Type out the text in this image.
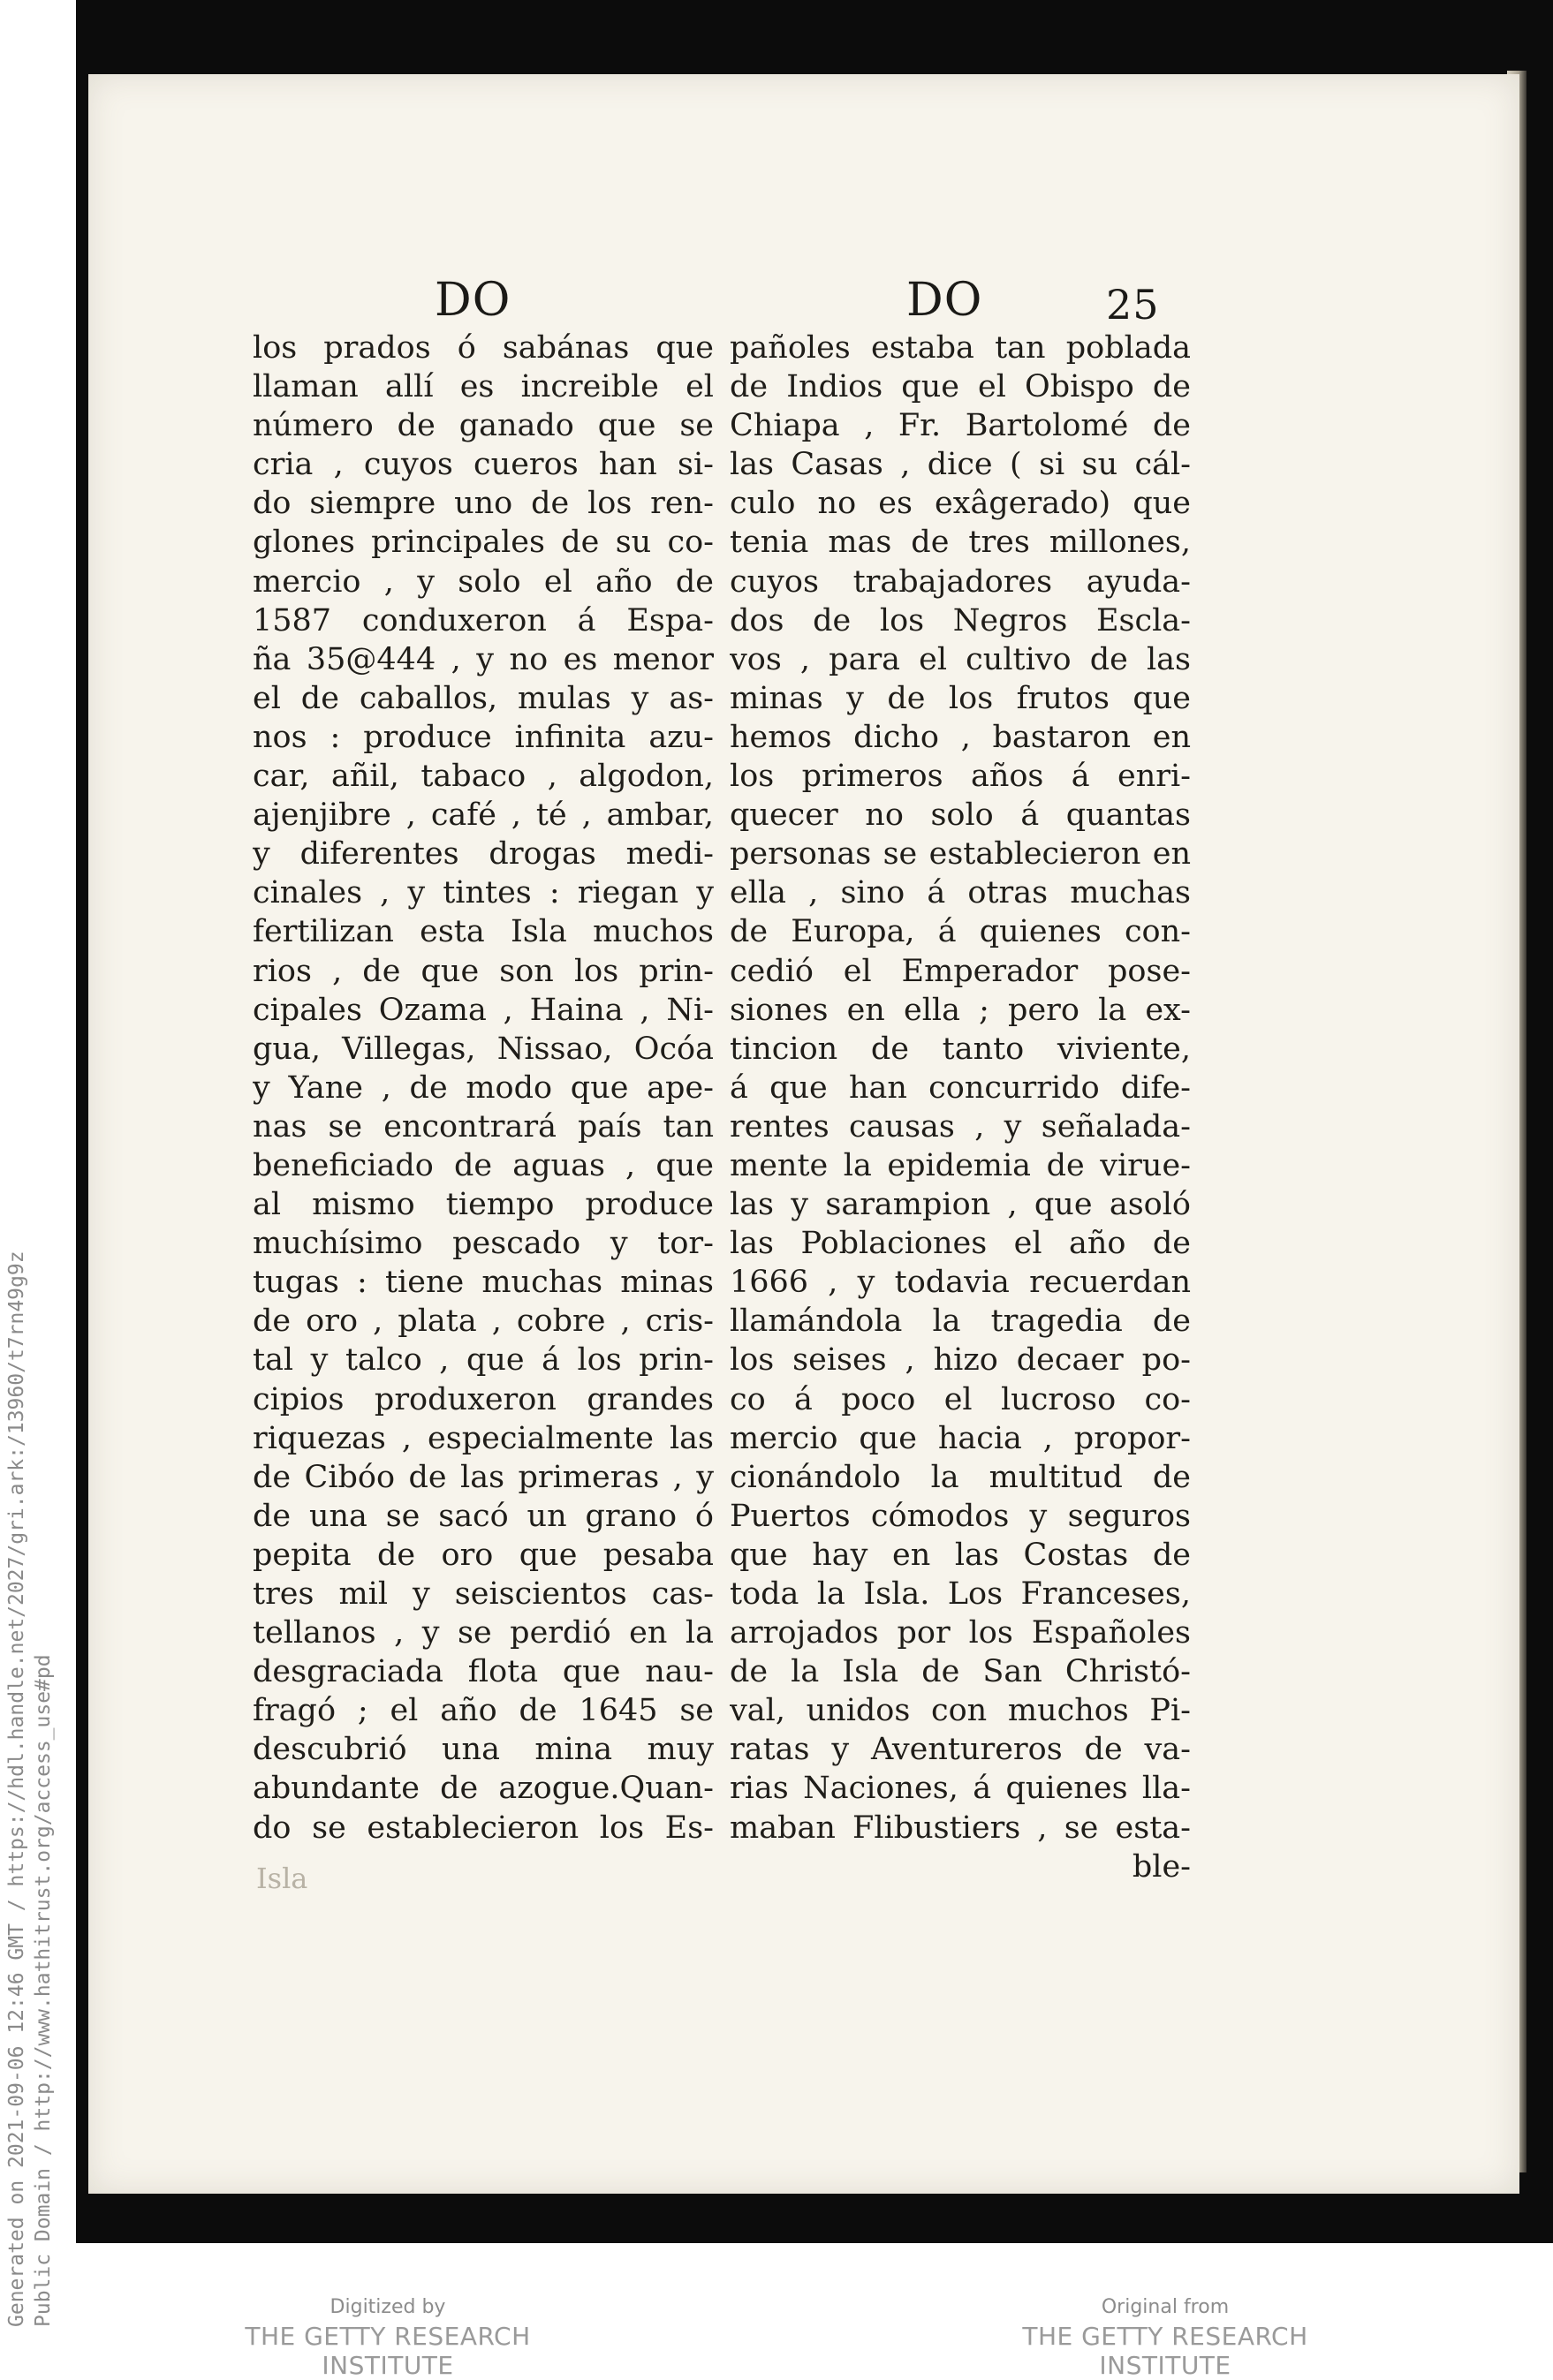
DO	DO	25
los prados ó sabánas que
llaman allí es increible el
número de ganado que se
cria , cuyos cueros han si-
do siempre uno de los ren-
glones principales de su co-
mercio , y solo el año de
1587 conduxeron á Espa-
ña 35@444 , y no es menor
el de caballos, mulas y as-
nos : produce infinita azu-
car, añil, tabaco , algodon,
ajenjibre , café , té , ambar,
y diferentes drogas medi-
cinales , y tintes : riegan y
fertilizan esta Isla muchos
rios , de que son los prin-
cipales Ozama , Haina , Ni-
gua, Villegas, Nissao, Ocóa
y Yane , de modo que ape-
nas se encontrará país tan
beneficiado de aguas , que
al mismo tiempo produce
muchísimo pescado y tor-
tugas : tiene muchas minas
de oro , plata , cobre , cris-
tal y talco , que á los prin-
cipios produxeron grandes
riquezas , especialmente las
de Cibóo de las primeras , y
de una se sacó un grano ó
pepita de oro que pesaba
tres mil y seiscientos cas-
tellanos , y se perdió en la
desgraciada flota que nau-
fragó ; el año de 1645 se
descubrió una mina muy
abundante de azogue.Quan-
do se establecieron los Es-
pañoles estaba tan poblada
de Indios que el Obispo de
Chiapa , Fr. Bartolomé de
las Casas , dice ( si su cál-
culo no es exâgerado) que
tenia mas de tres millones,
cuyos trabajadores ayuda-
dos de los Negros Escla-
vos , para el cultivo de las
minas y de los frutos que
hemos dicho , bastaron en
los primeros años á enri-
quecer no solo á quantas
personas se establecieron en
ella , sino á otras muchas
de Europa, á quienes con-
cedió el Emperador pose-
siones en ella ; pero la ex-
tincion de tanto viviente,
á que han concurrido dife-
rentes causas , y señalada-
mente la epidemia de virue-
las y sarampion , que asoló
las Poblaciones el año de
1666 , y todavia recuerdan
llamándola la tragedia de
los seises , hizo decaer po-
co á poco el lucroso co-
mercio que hacia , propor-
cionándolo la multitud de
Puertos cómodos y seguros
que hay en las Costas de
toda la Isla. Los Franceses,
arrojados por los Españoles
de la Isla de San Christó-
val, unidos con muchos Pi-
ratas y Aventureros de va-
rias Naciones, á quienes lla-
maban Flibustiers , se esta-
ble-
Isla
Generated on 2021-09-06 12:46 GMT / https://hdl.handle.net/2027/gri.ark:/13960/t7rn49g9z Public Domain / http://www.hathitrust.org/access_use#pd	Digitized by
THE GETTY RESEARCH INSTITUTE
Original from
THE GETTY RESEARCH INSTITUTE
